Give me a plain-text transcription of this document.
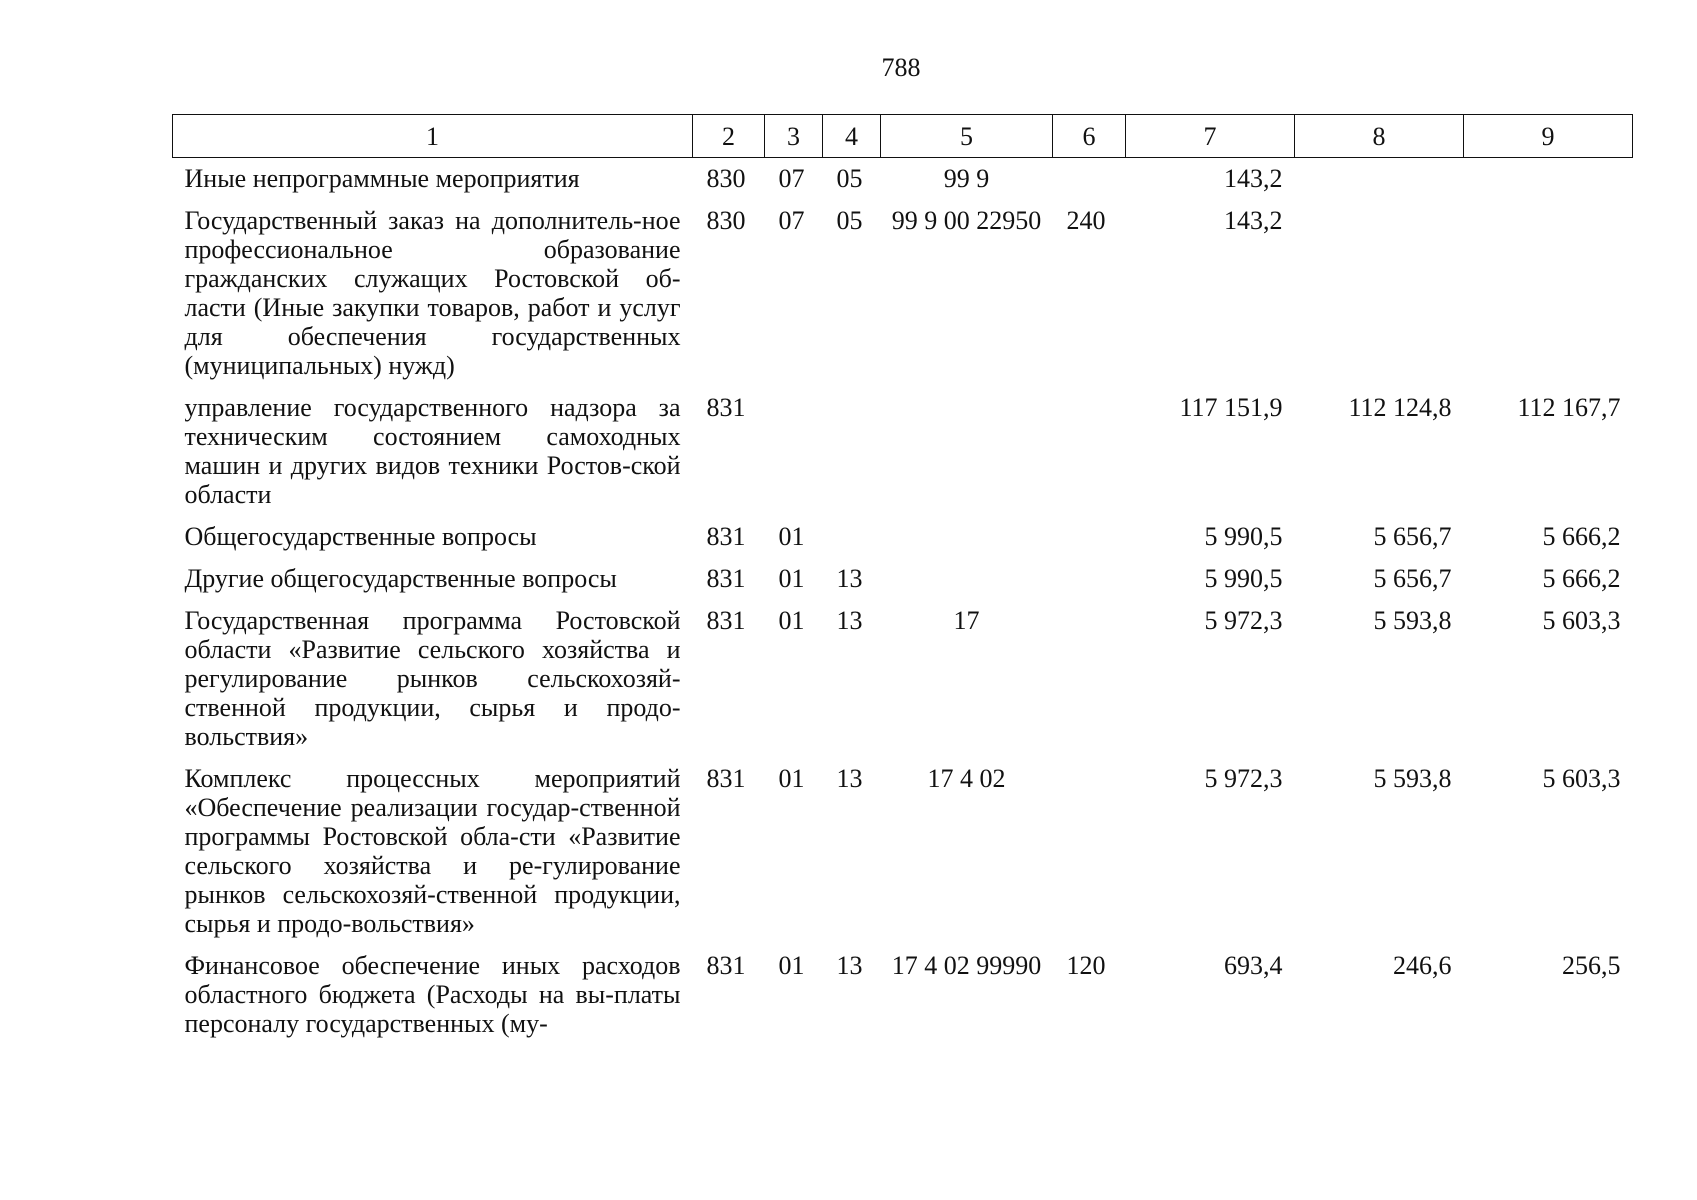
788
1	2	3	4	5	6	7	8	9
Иные непрограммные мероприятия	830	07	05	99 9		143,2		
Государственный заказ на дополнитель-ное профессиональное образование гражданских служащих Ростовской об-ласти (Иные закупки товаров, работ и услуг для обеспечения государственных (муниципальных) нужд)	830	07	05	99 9 00 22950	240	143,2		
управление государственного надзора за техническим состоянием самоходных машин и других видов техники Ростов-ской области	831					117 151,9	112 124,8	112 167,7
Общегосударственные вопросы	831	01				5 990,5	5 656,7	5 666,2
Другие общегосударственные вопросы	831	01	13			5 990,5	5 656,7	5 666,2
Государственная программа Ростовской области «Развитие сельского хозяйства и регулирование рынков сельскохозяй-ственной продукции, сырья и продо-вольствия»	831	01	13	17		5 972,3	5 593,8	5 603,3
Комплекс процессных мероприятий «Обеспечение реализации государ-ственной программы Ростовской обла-сти «Развитие сельского хозяйства и ре-гулирование рынков сельскохозяй-ственной продукции, сырья и продо-вольствия»	831	01	13	17 4 02		5 972,3	5 593,8	5 603,3
Финансовое обеспечение иных расходов областного бюджета (Расходы на вы-платы персоналу государственных (му-	831	01	13	17 4 02 99990	120	693,4	246,6	256,5
